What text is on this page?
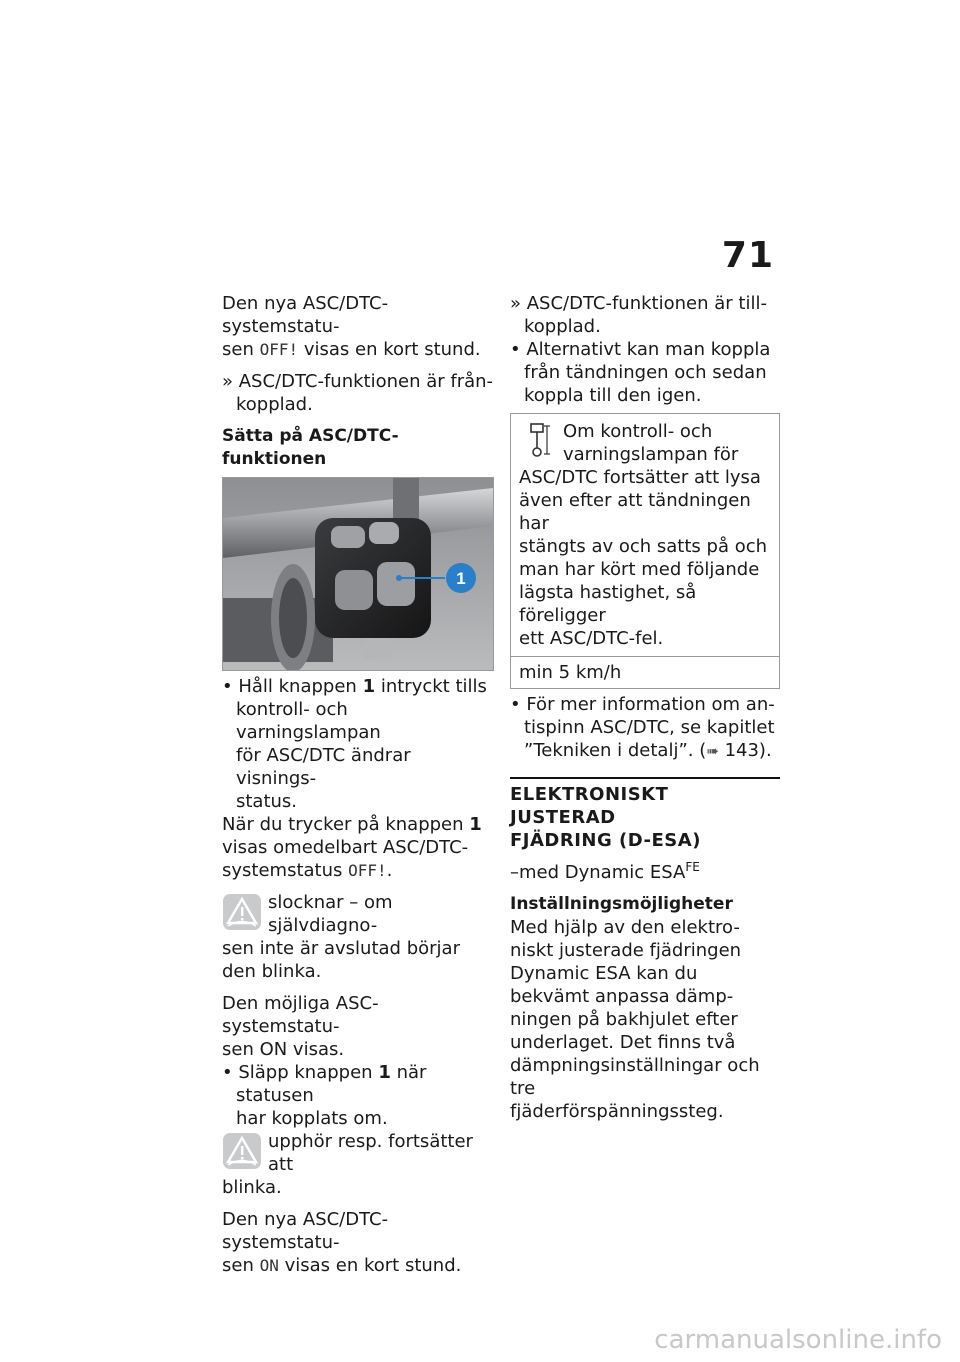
71

Den nya ASC/DTC-systemstatu-
sen OFF! visas en kort stund.

» ASC/DTC-funktionen är från-
kopplad.

Sätta på ASC/DTC-funktionen

1

• Håll knappen 1 intryckt tills
kontroll- och varningslampan
för ASC/DTC ändrar visnings-
status.

När du trycker på knappen 1
visas omedelbart ASC/DTC-
systemstatus OFF!.

slocknar – om självdiagno-
sen inte är avslutad börjar
den blinka.

Den möjliga ASC-systemstatu-
sen ON visas.

• Släpp knappen 1 när statusen
har kopplats om.

upphör resp. fortsätter att
blinka.

Den nya ASC/DTC-systemstatu-
sen ON visas en kort stund.

» ASC/DTC-funktionen är till-
kopplad.

• Alternativt kan man koppla
från tändningen och sedan
koppla till den igen.

Om kontroll- och
varningslampan för
ASC/DTC fortsätter att lysa
även efter att tändningen har
stängts av och satts på och
man har kört med följande
lägsta hastighet, så föreligger
ett ASC/DTC-fel.

min 5 km/h

• För mer information om an-
tispinn ASC/DTC, se kapitlet
”Tekniken i detalj”. (➠ 143).

ELEKTRONISKT JUSTERAD
FJÄDRING (D-ESA)

–med Dynamic $ESA^{FE}$

Inställningsmöjligheter

Med hjälp av den elektro-
niskt justerade fjädringen
Dynamic ESA kan du
bekvämt anpassa dämp-
ningen på bakhjulet efter
underlaget. Det finns två
dämpningsinställningar och tre
fjäderförspänningssteg.

carmanualsonline.info
